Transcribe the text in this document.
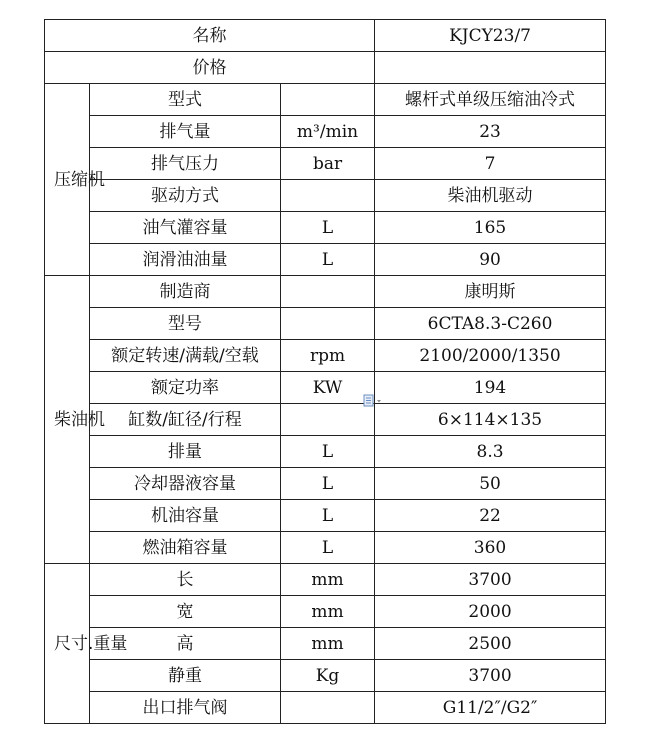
名称			KJCY23/7
价格			
压缩机	型式		螺杆式单级压缩油冷式
	排气量	m³/min	23
	排气压力	bar	7
	驱动方式		柴油机驱动
	油气灌容量	L	165
	润滑油油量	L	90
柴油机	制造商		康明斯
	型号		6CTA8.3-C260
	额定转速/满载/空载	rpm	2100/2000/1350
	额定功率	KW	194
	缸数/缸径/行程		6×114×135
	排量	L	8.3
	冷却器液容量	L	50
	机油容量	L	22
	燃油箱容量	L	360
尺寸.重量	长	mm	3700
	宽	mm	2000
	高	mm	2500
	静重	Kg	3700
	出口排气阀		G11/2″/G2″
